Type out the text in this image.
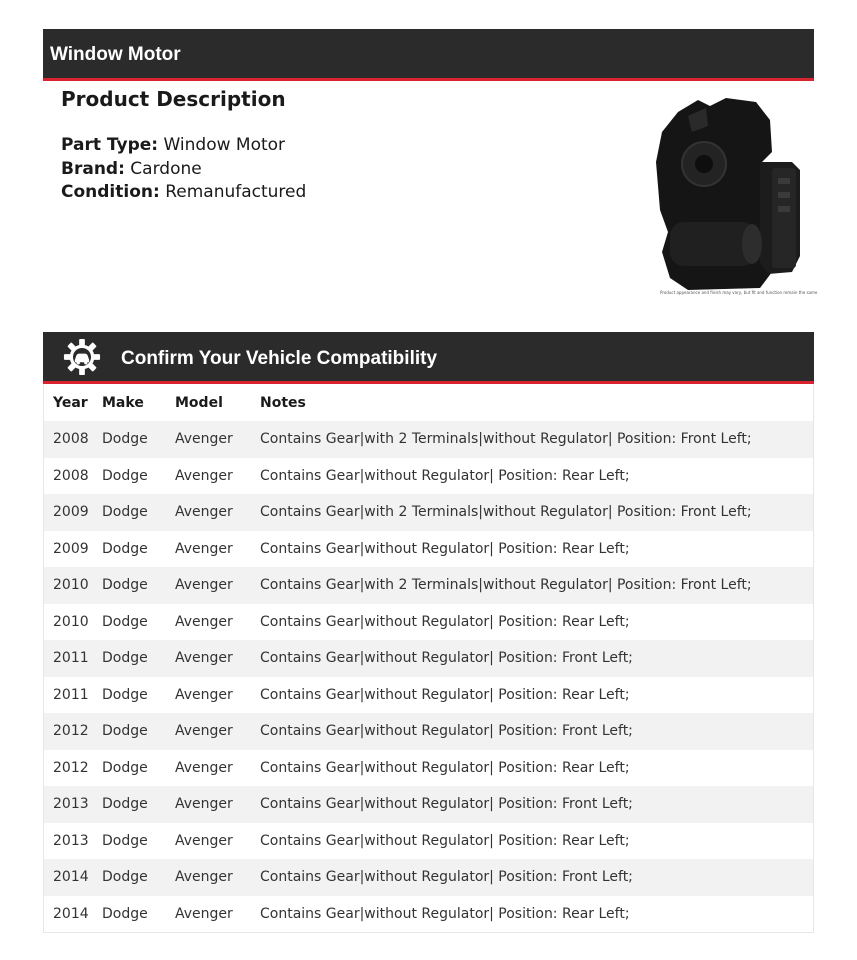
Window Motor
Product Description
Part Type: Window Motor
Brand: Cardone
Condition: Remanufactured
Product appearance and finish may vary, but fit and function remain the same
Confirm Your Vehicle Compatibility
Year	Make	Model	Notes
2008	Dodge	Avenger	Contains Gear|with 2 Terminals|without Regulator| Position: Front Left;
2008	Dodge	Avenger	Contains Gear|without Regulator| Position: Rear Left;
2009	Dodge	Avenger	Contains Gear|with 2 Terminals|without Regulator| Position: Front Left;
2009	Dodge	Avenger	Contains Gear|without Regulator| Position: Rear Left;
2010	Dodge	Avenger	Contains Gear|with 2 Terminals|without Regulator| Position: Front Left;
2010	Dodge	Avenger	Contains Gear|without Regulator| Position: Rear Left;
2011	Dodge	Avenger	Contains Gear|without Regulator| Position: Front Left;
2011	Dodge	Avenger	Contains Gear|without Regulator| Position: Rear Left;
2012	Dodge	Avenger	Contains Gear|without Regulator| Position: Front Left;
2012	Dodge	Avenger	Contains Gear|without Regulator| Position: Rear Left;
2013	Dodge	Avenger	Contains Gear|without Regulator| Position: Front Left;
2013	Dodge	Avenger	Contains Gear|without Regulator| Position: Rear Left;
2014	Dodge	Avenger	Contains Gear|without Regulator| Position: Front Left;
2014	Dodge	Avenger	Contains Gear|without Regulator| Position: Rear Left;
